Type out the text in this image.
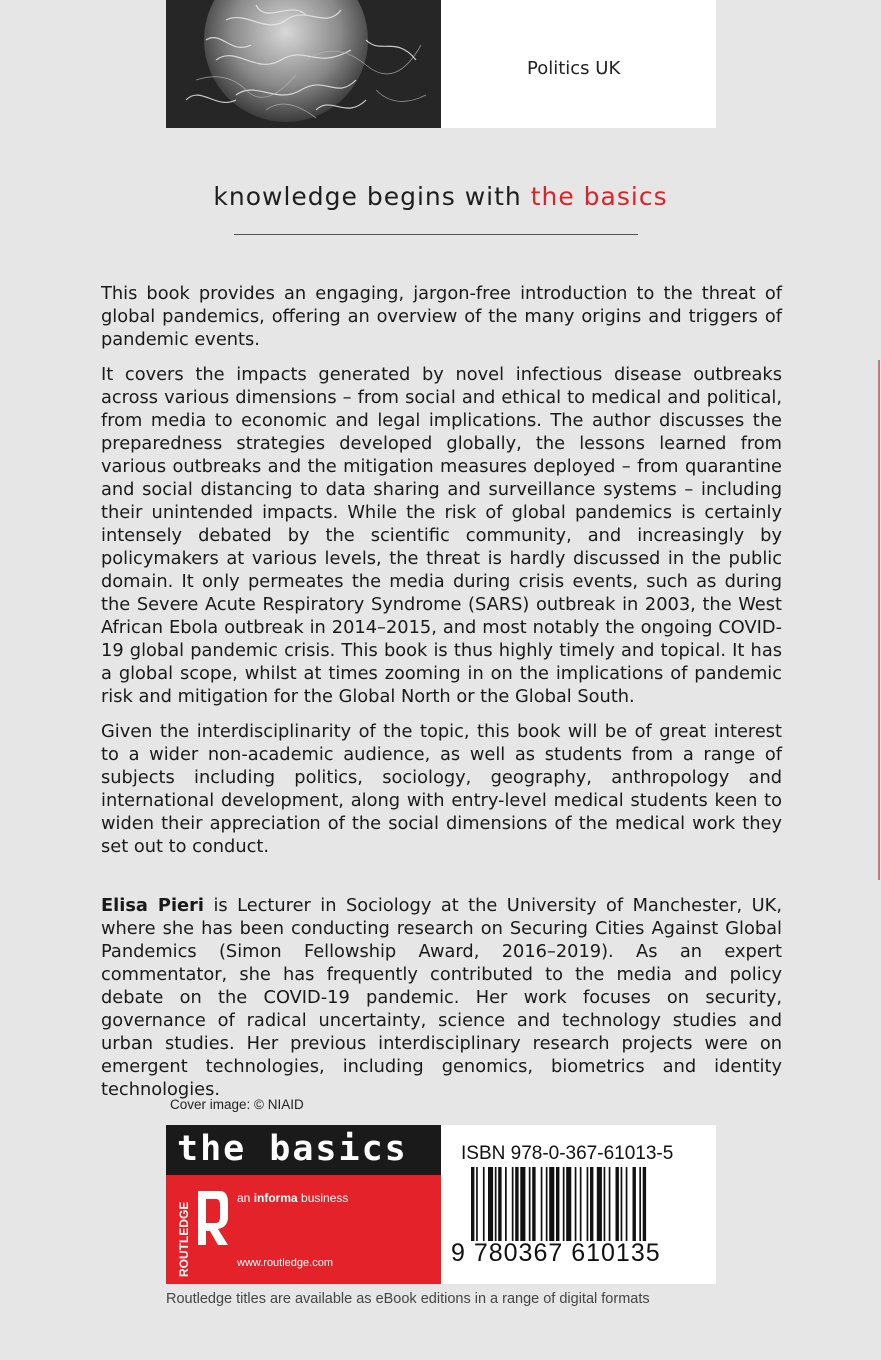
Politics UK
knowledge begins with the basics

This book provides an engaging, jargon-free introduction to the threat of global pandemics, offering an overview of the many origins and triggers of pandemic events.

It covers the impacts generated by novel infectious disease outbreaks across various dimensions – from social and ethical to medical and political, from media to economic and legal implications. The author discusses the preparedness strategies developed globally, the lessons learned from various outbreaks and the mitigation measures deployed – from quarantine and social distancing to data sharing and surveillance systems – including their unintended impacts. While the risk of global pandemics is certainly intensely debated by the scientific community, and increasingly by policymakers at various levels, the threat is hardly discussed in the public domain. It only permeates the media during crisis events, such as during the Severe Acute Respiratory Syndrome (SARS) outbreak in 2003, the West African Ebola outbreak in 2014–2015, and most notably the ongoing COVID-19 global pandemic crisis. This book is thus highly timely and topical. It has a global scope, whilst at times zooming in on the implications of pandemic risk and mitigation for the Global North or the Global South.

Given the interdisciplinarity of the topic, this book will be of great interest to a wider non-academic audience, as well as students from a range of subjects including politics, sociology, geography, anthropology and international development, along with entry-level medical students keen to widen their appreciation of the social dimensions of the medical work they set out to conduct.

Elisa Pieri is Lecturer in Sociology at the University of Manchester, UK, where she has been conducting research on Securing Cities Against Global Pandemics (Simon Fellowship Award, 2016–2019). As an expert commentator, she has frequently contributed to the media and policy debate on the COVID-19 pandemic. Her work focuses on security, governance of radical uncertainty, science and technology studies and urban studies. Her previous interdisciplinary research projects were on emergent technologies, including genomics, biometrics and identity technologies.
Cover image: © NIAID
the basics
ROUTLEDGE
an informa business
www.routledge.com
ISBN 978-0-367-61013-5
9 780367 610135
Routledge titles are available as eBook editions in a range of digital formats
